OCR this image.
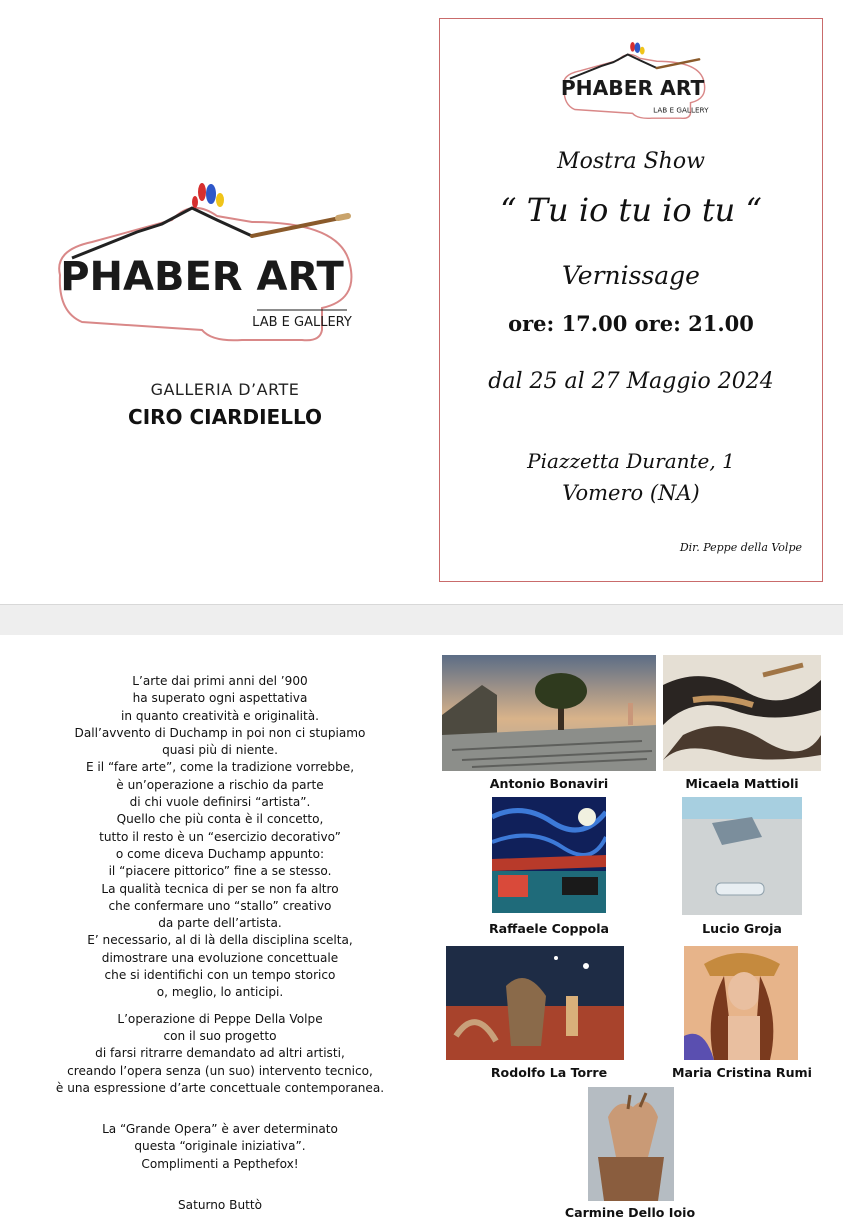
PHABER ART
LAB E GALLERY
GALLERIA D’ARTE
CIRO CIARDIELLO
PHABER ART
LAB E GALLERY
Mostra Show
“ Tu io tu io tu “
Vernissage
ore: 17.00 ore: 21.00
dal 25 al 27 Maggio 2024
Piazzetta Durante, 1
Vomero (NA)
Dir. Peppe della Volpe

L’arte dai primi anni del ’900

ha superato ogni aspettativa

in quanto creatività e originalità.

Dall’avvento di Duchamp in poi non ci stupiamo

quasi più di niente.

E il “fare arte”, come la tradizione vorrebbe,

è un’operazione a rischio da parte

di chi vuole definirsi “artista”.

Quello che più conta è il concetto,

tutto il resto è un “esercizio decorativo”

o come diceva Duchamp appunto:

il “piacere pittorico” fine a se stesso.

La qualità tecnica di per se non fa altro

che confermare uno “stallo” creativo

da parte dell’artista.

E’ necessario, al di là della disciplina scelta,

dimostrare una evoluzione concettuale

che si identifichi con un tempo storico

o, meglio, lo anticipi.

L’operazione di Peppe Della Volpe

con il suo progetto

di farsi ritrarre demandato ad altri artisti,

creando l’opera senza (un suo) intervento tecnico,

è una espressione d’arte concettuale contemporanea.

La “Grande Opera” è aver determinato

questa “originale iniziativa”.

Complimenti a Pepthefox!

Saturno Buttò

Antonio Bonaviri	Micaela Mattioli
Raffaele Coppola	Lucio Groja
Rodolfo La Torre	Maria Cristina Rumi
Carmine Dello Ioio
